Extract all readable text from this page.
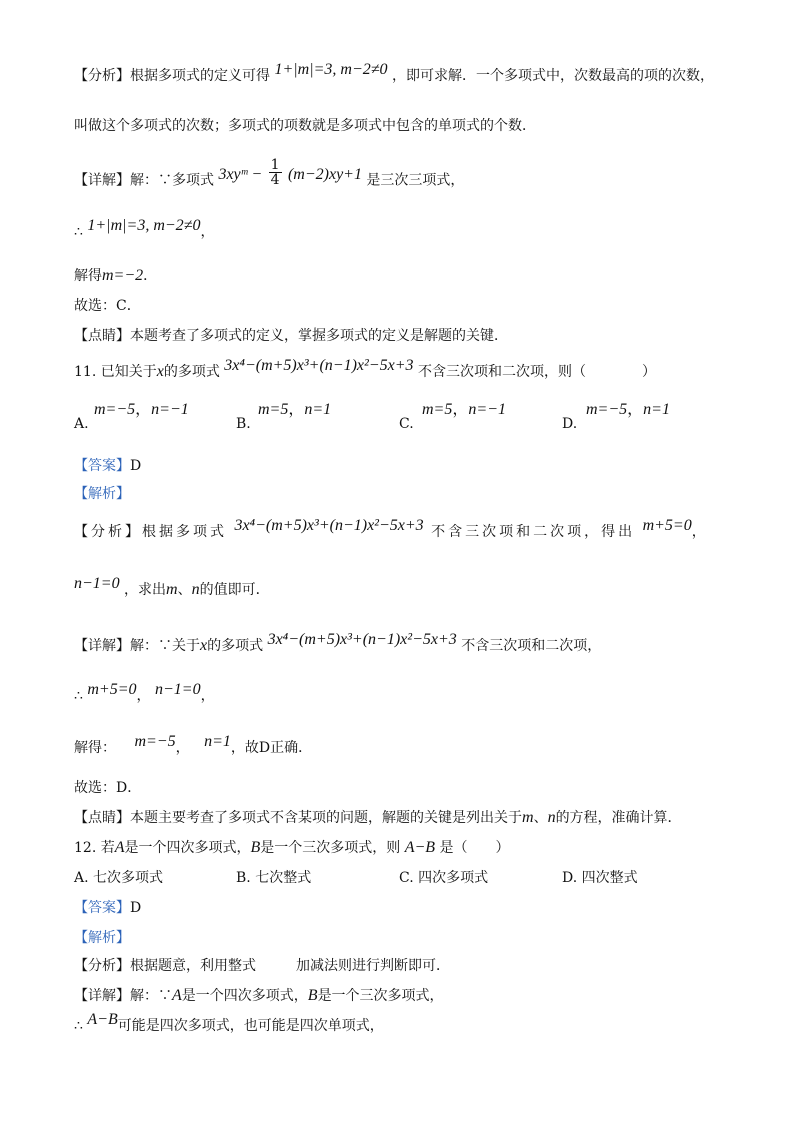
【分析】根据多项式的定义可得 1+|m|=3, m−2≠0 ，即可求解．一个多项式中，次数最高的项的次数，
叫做这个多项式的次数；多项式的项数就是多项式中包含的单项式的个数．
【详解】解：∵多项式 3xyᵐ − $\frac{1}{4} (m-2)xy+1$ 是三次三项式，
∴ 1+|m|=3, m−2≠0，
解得m=−2．
故选：C．
【点睛】本题考查了多项式的定义，掌握多项式的定义是解题的关键．
11. 已知关于x的多项式 3x⁴−(m+5)x³+(n−1)x²−5x+3 不含三次项和二次项，则（　　　　）
A.
m=−5，n=−1
B.
m=5，n=1
C.
m=5，n=−1
D.
m=−5，n=1
【答案】D
【解析】
【分析】根据多项式 3x⁴−(m+5)x³+(n−1)x²−5x+3 不含三次项和二次项，得出 m+5=0，
n−1=0 ，求出m、n的值即可．
【详解】解：∵关于x的多项式 3x⁴−(m+5)x³+(n−1)x²−5x+3 不含三次项和二次项，
∴ m+5=0， n−1=0，
解得： m=−5， n=1，故D正确．
故选：D．
【点睛】本题主要考查了多项式不含某项的问题，解题的关键是列出关于m、n的方程，准确计算．
12. 若A是一个四次多项式，B是一个三次多项式，则 A−B 是（　　）
A. 七次多项式	B. 七次整式	C. 四次多项式	D. 四次整式
【答案】D
【解析】
【分析】根据题意，利用整式	加减法则进行判断即可．
【详解】解：∵A是一个四次多项式，B是一个三次多项式，
∴ A−B可能是四次多项式，也可能是四次单项式，
